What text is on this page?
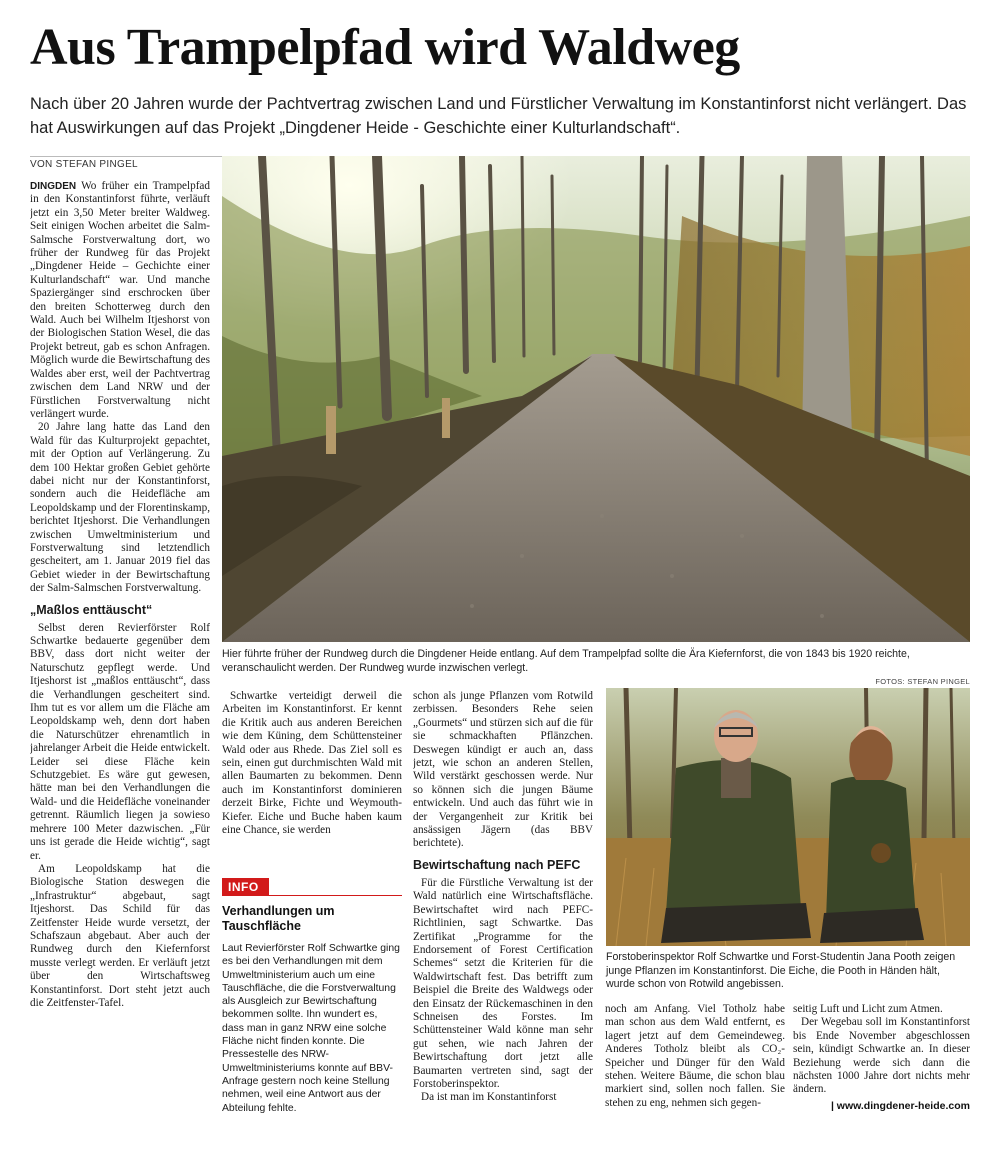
Aus Trampelpfad wird Waldweg
Nach über 20 Jahren wurde der Pachtvertrag zwischen Land und Fürstlicher Verwaltung im Konstantinforst nicht verlängert. Das hat Auswirkungen auf das Projekt „Dingdener Heide - Geschichte einer Kulturlandschaft“.
VON STEFAN PINGEL

DINGDEN Wo früher ein Trampelpfad in den Konstantinforst führte, verläuft jetzt ein 3,50 Meter breiter Waldweg. Seit einigen Wochen arbeitet die Salm-Salmsche Forstverwaltung dort, wo früher der Rundweg für das Projekt „Dingdener Heide – Gechichte einer Kulturlandschaft“ war. Und manche Spaziergänger sind erschrocken über den breiten Schotterweg durch den Wald. Auch bei Wilhelm Itjeshorst von der Biologischen Station Wesel, die das Projekt betreut, gab es schon Anfragen. Möglich wurde die Bewirtschaftung des Waldes aber erst, weil der Pachtvertrag zwischen dem Land NRW und der Fürstlichen Forstverwaltung nicht verlängert wurde.

20 Jahre lang hatte das Land den Wald für das Kulturprojekt gepachtet, mit der Option auf Verlängerung. Zu dem 100 Hektar großen Gebiet gehörte dabei nicht nur der Konstantinforst, sondern auch die Heidefläche am Leopoldskamp und der Florentinskamp, berichtet Itjeshorst. Die Verhandlungen zwischen Umweltministerium und Forstverwaltung sind letztendlich gescheitert, am 1. Januar 2019 fiel das Gebiet wieder in der Bewirtschaftung der Salm-Salmschen Forstverwaltung.

„Maßlos enttäuscht“

Selbst deren Revierförster Rolf Schwartke bedauerte gegenüber dem BBV, dass dort nicht weiter der Naturschutz gepflegt werde. Und Itjeshorst ist „maßlos enttäuscht“, dass die Verhandlungen gescheitert sind. Ihm tut es vor allem um die Fläche am Leopoldskamp weh, denn dort haben die Naturschützer ehrenamtlich in jahrelanger Arbeit die Heide entwickelt. Leider sei diese Fläche kein Schutzgebiet. Es wäre gut gewesen, hätte man bei den Verhandlungen die Wald- und die Heidefläche voneinander getrennt. Räumlich liegen ja sowieso mehrere 100 Meter dazwischen. „Für uns ist gerade die Heide wichtig“, sagt er.

Am Leopoldskamp hat die Biologische Station deswegen die „Infrastruktur“ abgebaut, sagt Itjeshorst. Das Schild für das Zeitfenster Heide wurde versetzt, der Schafszaun abgebaut. Aber auch der Rundweg durch den Kiefernforst musste verlegt werden. Er verläuft jetzt über den Wirtschaftsweg Konstantinforst. Dort steht jetzt auch die Zeitfenster-Tafel.

Hier führte früher der Rundweg durch die Dingdener Heide entlang. Auf dem Trampelpfad sollte die Ära Kiefernforst, die von 1843 bis 1920 reichte, veranschaulicht werden. Der Rundweg wurde inzwischen verlegt.
FOTOS: STEFAN PINGEL

Schwartke verteidigt derweil die Arbeiten im Konstantinforst. Er kennt die Kritik auch aus anderen Bereichen wie dem Küning, dem Schüttensteiner Wald oder aus Rhede. Das Ziel soll es sein, einen gut durchmischten Wald mit allen Baumarten zu bekommen. Denn auch im Konstantinforst dominieren derzeit Birke, Fichte und Weymouth-Kiefer. Eiche und Buche haben kaum eine Chance, sie werden

INFO
Verhandlungen um Tauschfläche
Laut Revierförster Rolf Schwartke ging es bei den Verhandlungen mit dem Umweltministerium auch um eine Tauschfläche, die die Forstverwaltung als Ausgleich zur Bewirtschaftung bekommen sollte. Ihn wundert es, dass man in ganz NRW eine solche Fläche nicht finden konnte. Die Pressestelle des NRW-Umweltministeriums konnte auf BBV-Anfrage gestern noch keine Stellung nehmen, weil eine Antwort aus der Abteilung fehlte.

schon als junge Pflanzen vom Rotwild zerbissen. Besonders Rehe seien „Gourmets“ und stürzen sich auf die für sie schmackhaften Pflänzchen. Deswegen kündigt er auch an, dass jetzt, wie schon an anderen Stellen, Wild verstärkt geschossen werde. Nur so können sich die jungen Bäume entwickeln. Und auch das führt wie in der Vergangenheit zur Kritik bei ansässigen Jägern (das BBV berichtete).

Bewirtschaftung nach PEFC

Für die Fürstliche Verwaltung ist der Wald natürlich eine Wirtschaftsfläche. Bewirtschaftet wird nach PEFC-Richtlinien, sagt Schwartke. Das Zertifikat „Programme for the Endorsement of Forest Certification Schemes“ setzt die Kriterien für die Waldwirtschaft fest. Das betrifft zum Beispiel die Breite des Waldwegs oder den Einsatz der Rückemaschinen in den Schneisen des Forstes. Im Schüttensteiner Wald könne man sehr gut sehen, wie nach Jahren der Bewirtschaftung dort jetzt alle Baumarten vertreten sind, sagt der Forstoberinspektor.

Da ist man im Konstantinforst

Forstoberinspektor Rolf Schwartke und Forst-Studentin Jana Pooth zeigen junge Pflanzen im Konstantinforst. Die Eiche, die Pooth in Händen hält, wurde schon von Rotwild angebissen.

noch am Anfang. Viel Totholz habe man schon aus dem Wald entfernt, es lagert jetzt auf dem Gemeindeweg. Anderes Totholz bleibt als CO₂-Speicher und Dünger für den Wald stehen. Weitere Bäume, die schon blau markiert sind, sollen noch fallen. Sie stehen zu eng, nehmen sich gegen-

seitig Luft und Licht zum Atmen.

Der Wegebau soll im Konstantinforst bis Ende November abgeschlossen sein, kündigt Schwartke an. In dieser Beziehung werde sich dann die nächsten 1000 Jahre dort nichts mehr ändern.

| www.dingdener-heide.com
